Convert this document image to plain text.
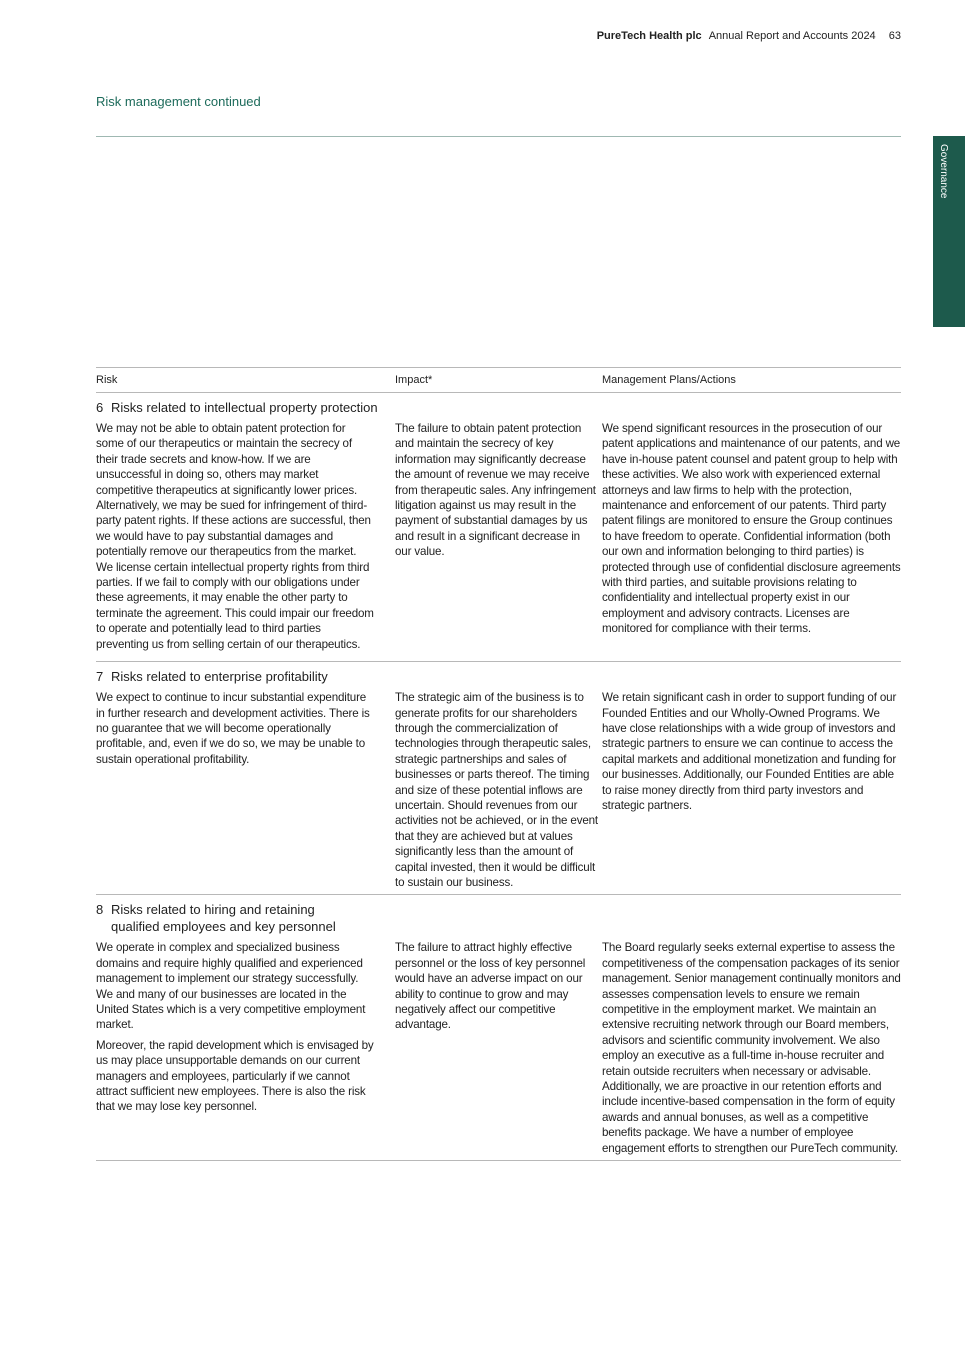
PureTech Health plc Annual Report and Accounts 2024 63
Risk management continued
Governance
Risk	Impact*	Management Plans/Actions
6 Risks related to intellectual property protection

We may not be able to obtain patent protection for some of our therapeutics or maintain the secrecy of their trade secrets and know-how. If we are unsuccessful in doing so, others may market competitive therapeutics at significantly lower prices. Alternatively, we may be sued for infringement of third-party patent rights. If these actions are successful, then we would have to pay substantial damages and potentially remove our therapeutics from the market. We license certain intellectual property rights from third parties. If we fail to comply with our obligations under these agreements, it may enable the other party to terminate the agreement. This could impair our freedom to operate and potentially lead to third parties preventing us from selling certain of our therapeutics.

The failure to obtain patent protection and maintain the secrecy of key information may significantly decrease the amount of revenue we may receive from therapeutic sales. Any infringement litigation against us may result in the payment of substantial damages by us and result in a significant decrease in our value.
We spend significant resources in the prosecution of our patent applications and maintenance of our patents, and we have in-house patent counsel and patent group to help with these activities. We also work with experienced external attorneys and law firms to help with the protection, maintenance and enforcement of our patents. Third party patent filings are monitored to ensure the Group continues to have freedom to operate. Confidential information (both our own and information belonging to third parties) is protected through use of confidential disclosure agreements with third parties, and suitable provisions relating to confidentiality and intellectual property exist in our employment and advisory contracts. Licenses are monitored for compliance with their terms.
7 Risks related to enterprise profitability

We expect to continue to incur substantial expenditure in further research and development activities. There is no guarantee that we will become operationally profitable, and, even if we do so, we may be unable to sustain operational profitability.

The strategic aim of the business is to generate profits for our shareholders through the commercialization of technologies through therapeutic sales, strategic partnerships and sales of businesses or parts thereof. The timing and size of these potential inflows are uncertain. Should revenues from our activities not be achieved, or in the event that they are achieved but at values significantly less than the amount of capital invested, then it would be difficult to sustain our business.
We retain significant cash in order to support funding of our Founded Entities and our Wholly-Owned Programs. We have close relationships with a wide group of investors and strategic partners to ensure we can continue to access the capital markets and additional monetization and funding for our businesses. Additionally, our Founded Entities are able to raise money directly from third party investors and strategic partners.
8 Risks related to hiring and retaining qualified employees and key personnel

We operate in complex and specialized business domains and require highly qualified and experienced management to implement our strategy successfully. We and many of our businesses are located in the United States which is a very competitive employment market.

Moreover, the rapid development which is envisaged by us may place unsupportable demands on our current managers and employees, particularly if we cannot attract sufficient new employees. There is also the risk that we may lose key personnel.

The failure to attract highly effective personnel or the loss of key personnel would have an adverse impact on our ability to continue to grow and may negatively affect our competitive advantage.
The Board regularly seeks external expertise to assess the competitiveness of the compensation packages of its senior management. Senior management continually monitors and assesses compensation levels to ensure we remain competitive in the employment market. We maintain an extensive recruiting network through our Board members, advisors and scientific community involvement. We also employ an executive as a full-time in-house recruiter and retain outside recruiters when necessary or advisable. Additionally, we are proactive in our retention efforts and include incentive-based compensation in the form of equity awards and annual bonuses, as well as a competitive benefits package. We have a number of employee engagement efforts to strengthen our PureTech community.
